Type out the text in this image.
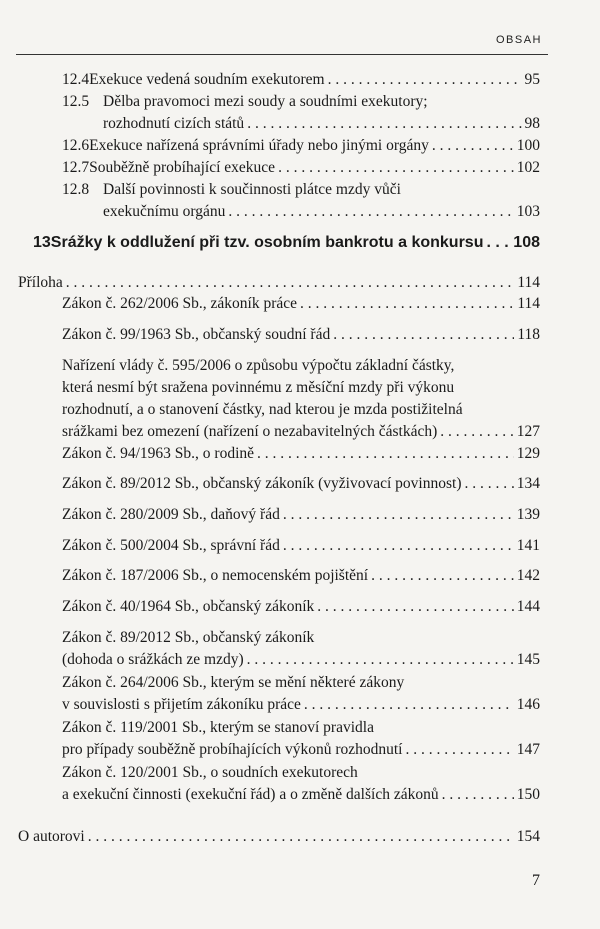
OBSAH
12.4 Exekuce vedená soudním exekutorem . . .	95
12.5 Dělba pravomoci mezi soudy a soudními exekutory;
rozhodnutí cizích států . . .	98
12.6 Exekuce nařízená správními úřady nebo jinými orgány . . .	100
12.7 Souběžně probíhající exekuce . . .	102
12.8 Další povinnosti k součinnosti plátce mzdy vůči
exekučnímu orgánu . . .	103
13 Srážky k oddlužení při tzv. osobním bankrotu a konkursu . . . 108
Příloha . . .	114
Zákon č. 262/2006 Sb., zákoník práce . . .	114
Zákon č. 99/1963 Sb., občanský soudní řád . . .	118
Nařízení vlády č. 595/2006 o způsobu výpočtu základní částky,
která nesmí být sražena povinnému z měsíční mzdy při výkonu
rozhodnutí, a o stanovení částky, nad kterou je mzda postižitelná
srážkami bez omezení (nařízení o nezabavitelných částkách) . . .	127
Zákon č. 94/1963 Sb., o rodině . . .	129
Zákon č. 89/2012 Sb., občanský zákoník (vyživovací povinnost) . . .	134
Zákon č. 280/2009 Sb., daňový řád . . .	139
Zákon č. 500/2004 Sb., správní řád . . .	141
Zákon č. 187/2006 Sb., o nemocenském pojištění . . .	142
Zákon č. 40/1964 Sb., občanský zákoník . . .	144
Zákon č. 89/2012 Sb., občanský zákoník
(dohoda o srážkách ze mzdy) . . .	145
Zákon č. 264/2006 Sb., kterým se mění některé zákony
v souvislosti s přijetím zákoníku práce . . .	146
Zákon č. 119/2001 Sb., kterým se stanoví pravidla
pro případy souběžně probíhajících výkonů rozhodnutí . . .	147
Zákon č. 120/2001 Sb., o soudních exekutorech
a exekuční činnosti (exekuční řád) a o změně dalších zákonů . . .	150
O autorovi . . .	154
7
